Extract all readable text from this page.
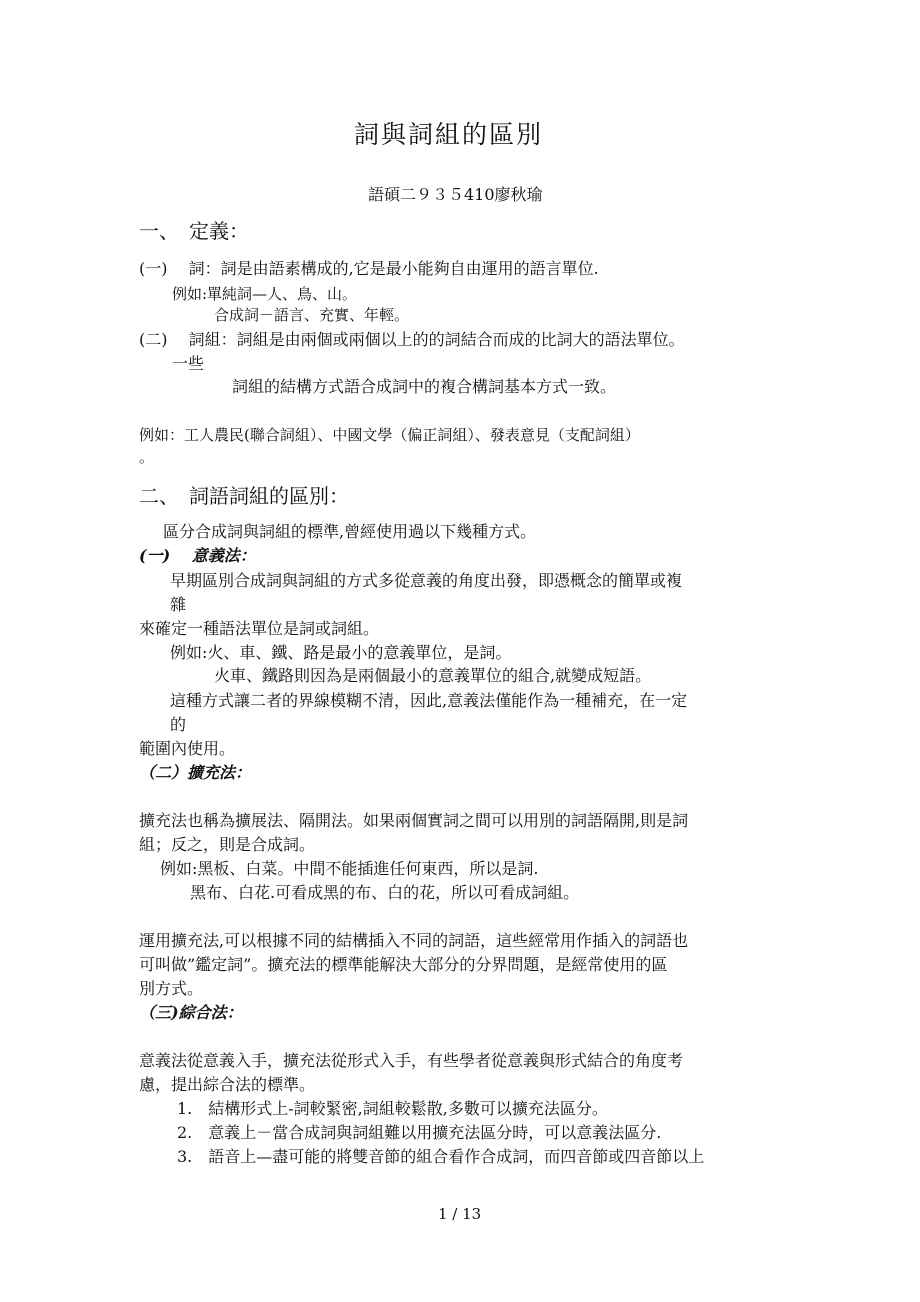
詞與詞組的區別
語碩二９３５410廖秋瑜
一、　定義：
(一)　 詞：詞是由語素構成的,它是最小能夠自由運用的語言單位.
例如:單純詞—人、鳥、山。
合成詞－語言、充實、年輕。
(二)　 詞組：詞組是由兩個或兩個以上的的詞結合而成的比詞大的語法單位。
一些
詞組的結構方式語合成詞中的複合構詞基本方式一致。
例如：工人農民(聯合詞組）、中國文學（偏正詞組）、發表意見（支配詞組）
。
二、　詞語詞組的區別：
區分合成詞與詞組的標準,曾經使用過以下幾種方式。
(一)　 意義法：
早期區別合成詞與詞組的方式多從意義的角度出發，即憑概念的簡單或複
雜
來確定一種語法單位是詞或詞組。
例如:火、車、鐵、路是最小的意義單位，是詞。
火車、鐵路則因為是兩個最小的意義單位的組合,就變成短語。
這種方式讓二者的界線模糊不清，因此,意義法僅能作為一種補充，在一定
的
範圍內使用。
（二）擴充法：
擴充法也稱為擴展法、隔開法。如果兩個實詞之間可以用別的詞語隔開,則是詞
組；反之，則是合成詞。
例如:黑板、白菜。中間不能插進任何東西，所以是詞.
黑布、白花.可看成黑的布、白的花，所以可看成詞組。
運用擴充法,可以根據不同的結構插入不同的詞語，這些經常用作插入的詞語也
可叫做”鑑定詞”。擴充法的標準能解決大部分的分界問題，是經常使用的區
別方式。
（三)綜合法：
意義法從意義入手，擴充法從形式入手，有些學者從意義與形式結合的角度考
慮，提出綜合法的標準。
1.　結構形式上-詞較緊密,詞組較鬆散,多數可以擴充法區分。
2.　意義上－當合成詞與詞組難以用擴充法區分時，可以意義法區分.
3.　語音上—盡可能的將雙音節的組合看作合成詞，而四音節或四音節以上
1 / 13
